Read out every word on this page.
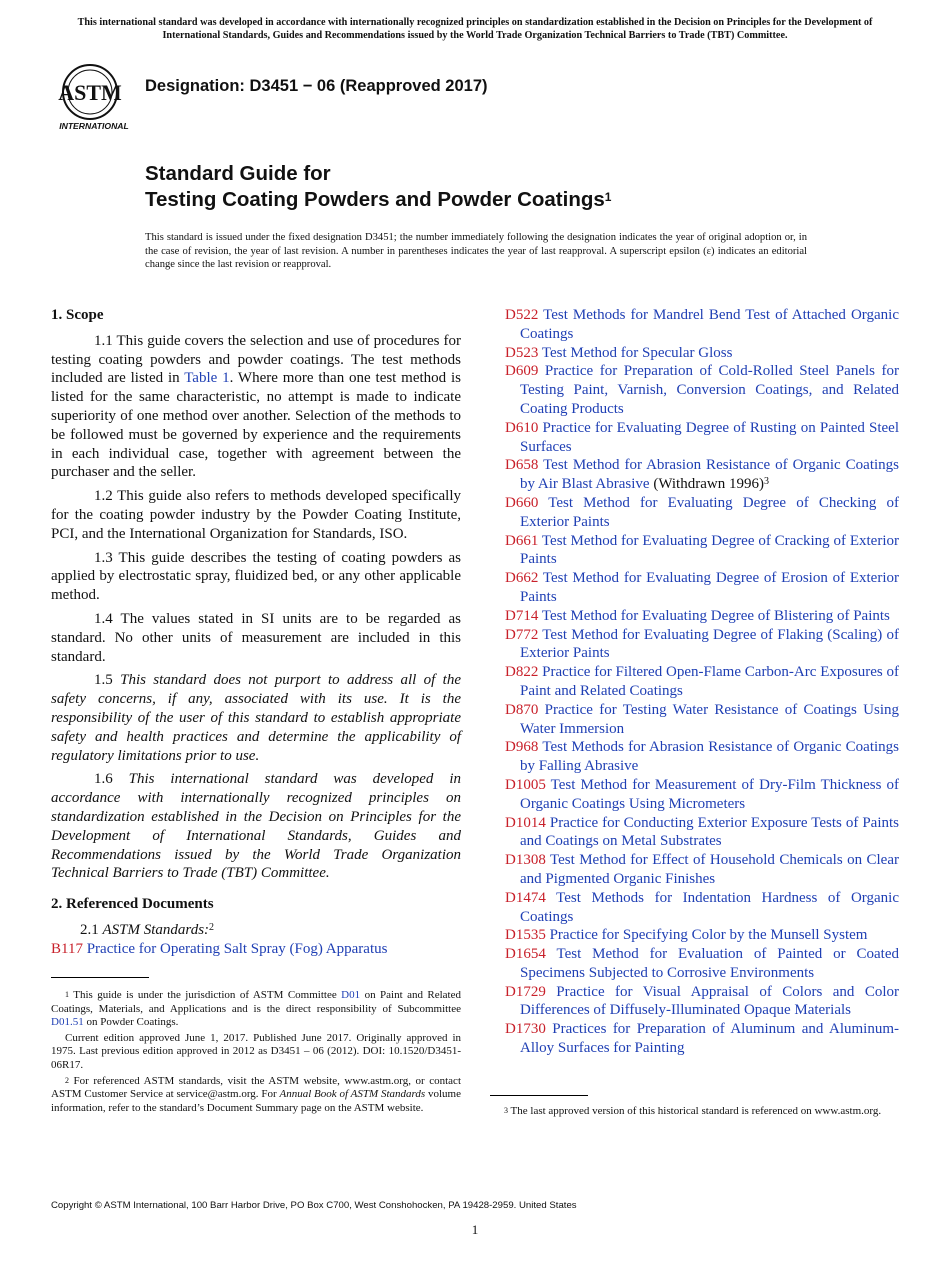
This international standard was developed in accordance with internationally recognized principles on standardization established in the Decision on Principles for the Development of International Standards, Guides and Recommendations issued by the World Trade Organization Technical Barriers to Trade (TBT) Committee.
ASTM
INTERNATIONAL
Designation: D3451 − 06 (Reapproved 2017)
Standard Guide for
Testing Coating Powders and Powder Coatings$^1$
This standard is issued under the fixed designation D3451; the number immediately following the designation indicates the year of original adoption or, in the case of revision, the year of last revision. A number in parentheses indicates the year of last reapproval. A superscript epsilon (ε) indicates an editorial change since the last revision or reapproval.
1. Scope

1.1 This guide covers the selection and use of procedures for testing coating powders and powder coatings. The test methods included are listed in Table 1. Where more than one test method is listed for the same characteristic, no attempt is made to indicate superiority of one method over another. Selection of the methods to be followed must be governed by experience and the requirements in each individual case, together with agreement between the purchaser and the seller.

1.2 This guide also refers to methods developed specifically for the coating powder industry by the Powder Coating Institute, PCI, and the International Organization for Standards, ISO.

1.3 This guide describes the testing of coating powders as applied by electrostatic spray, fluidized bed, or any other applicable method.

1.4 The values stated in SI units are to be regarded as standard. No other units of measurement are included in this standard.

1.5 This standard does not purport to address all of the safety concerns, if any, associated with its use. It is the responsibility of the user of this standard to establish appropriate safety and health practices and determine the applicability of regulatory limitations prior to use.

1.6 This international standard was developed in accordance with internationally recognized principles on standardization established in the Decision on Principles for the Development of International Standards, Guides and Recommendations issued by the World Trade Organization Technical Barriers to Trade (TBT) Committee.

2. Referenced Documents
2.1 ASTM Standards:$^2$
B117 Practice for Operating Salt Spray (Fog) Apparatus
D522 Test Methods for Mandrel Bend Test of Attached Organic Coatings
D523 Test Method for Specular Gloss
D609 Practice for Preparation of Cold-Rolled Steel Panels for Testing Paint, Varnish, Conversion Coatings, and Related Coating Products
D610 Practice for Evaluating Degree of Rusting on Painted Steel Surfaces
D658 Test Method for Abrasion Resistance of Organic Coatings by Air Blast Abrasive (Withdrawn 1996)$^3$
D660 Test Method for Evaluating Degree of Checking of Exterior Paints
D661 Test Method for Evaluating Degree of Cracking of Exterior Paints
D662 Test Method for Evaluating Degree of Erosion of Exterior Paints
D714 Test Method for Evaluating Degree of Blistering of Paints
D772 Test Method for Evaluating Degree of Flaking (Scaling) of Exterior Paints
D822 Practice for Filtered Open-Flame Carbon-Arc Exposures of Paint and Related Coatings
D870 Practice for Testing Water Resistance of Coatings Using Water Immersion
D968 Test Methods for Abrasion Resistance of Organic Coatings by Falling Abrasive
D1005 Test Method for Measurement of Dry-Film Thickness of Organic Coatings Using Micrometers
D1014 Practice for Conducting Exterior Exposure Tests of Paints and Coatings on Metal Substrates
D1308 Test Method for Effect of Household Chemicals on Clear and Pigmented Organic Finishes
D1474 Test Methods for Indentation Hardness of Organic Coatings
D1535 Practice for Specifying Color by the Munsell System
D1654 Test Method for Evaluation of Painted or Coated Specimens Subjected to Corrosive Environments
D1729 Practice for Visual Appraisal of Colors and Color Differences of Diffusely-Illuminated Opaque Materials
D1730 Practices for Preparation of Aluminum and Aluminum-Alloy Surfaces for Painting

$^1$ This guide is under the jurisdiction of ASTM Committee D01 on Paint and Related Coatings, Materials, and Applications and is the direct responsibility of Subcommittee D01.51 on Powder Coatings.

Current edition approved June 1, 2017. Published June 2017. Originally approved in 1975. Last previous edition approved in 2012 as D3451 – 06 (2012). DOI: 10.1520/D3451-06R17.

$^2$ For referenced ASTM standards, visit the ASTM website, www.astm.org, or contact ASTM Customer Service at service@astm.org. For Annual Book of ASTM Standards volume information, refer to the standard’s Document Summary page on the ASTM website.	$^3$ The last approved version of this historical standard is referenced on www.astm.org.

Copyright © ASTM International, 100 Barr Harbor Drive, PO Box C700, West Conshohocken, PA 19428-2959. United States
1
